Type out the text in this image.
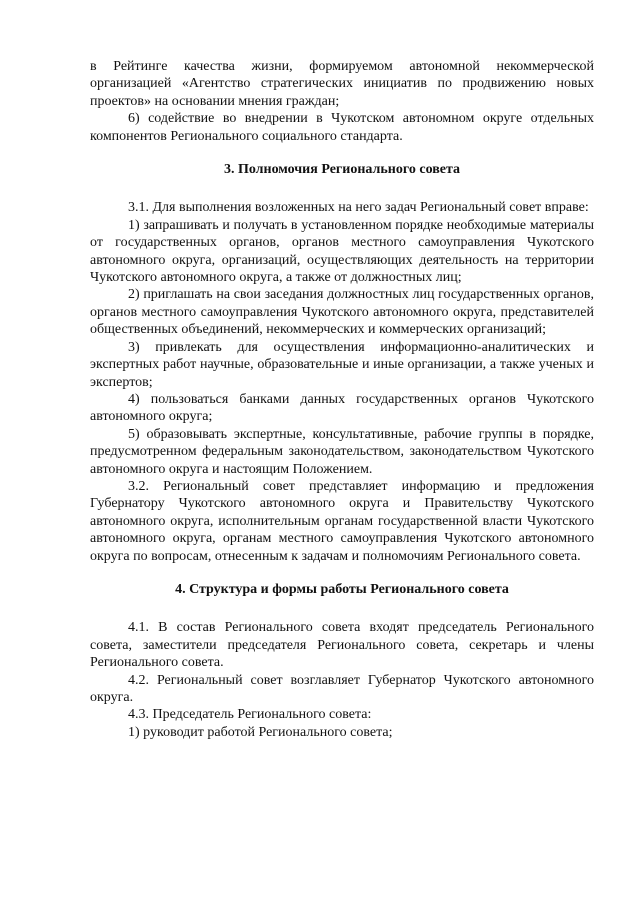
в Рейтинге качества жизни, формируемом автономной некоммерческой организацией «Агентство стратегических инициатив по продвижению новых проектов» на основании мнения граждан;

6) содействие во внедрении в Чукотском автономном округе отдельных компонентов Регионального социального стандарта.

3. Полномочия Регионального совета

3.1. Для выполнения возложенных на него задач Региональный совет вправе:

1) запрашивать и получать в установленном порядке необходимые материалы от государственных органов, органов местного самоуправления Чукотского автономного округа, организаций, осуществляющих деятельность на территории Чукотского автономного округа, а также от должностных лиц;

2) приглашать на свои заседания должностных лиц государственных органов, органов местного самоуправления Чукотского автономного округа, представителей общественных объединений, некоммерческих и коммерческих организаций;

3) привлекать для осуществления информационно-аналитических и экспертных работ научные, образовательные и иные организации, а также ученых и экспертов;

4) пользоваться банками данных государственных органов Чукотского автономного округа;

5) образовывать экспертные, консультативные, рабочие группы в порядке, предусмотренном федеральным законодательством, законодательством Чукотского автономного округа и настоящим Положением.

3.2. Региональный совет представляет информацию и предложения Губернатору Чукотского автономного округа и Правительству Чукотского автономного округа, исполнительным органам государственной власти Чукотского автономного округа, органам местного самоуправления Чукотского автономного округа по вопросам, отнесенным к задачам и полномочиям Регионального совета.

4. Структура и формы работы Регионального совета

4.1. В состав Регионального совета входят председатель Регионального совета, заместители председателя Регионального совета, секретарь и члены Регионального совета.

4.2. Региональный совет возглавляет Губернатор Чукотского автономного округа.

4.3. Председатель Регионального совета:

1) руководит работой Регионального совета;
